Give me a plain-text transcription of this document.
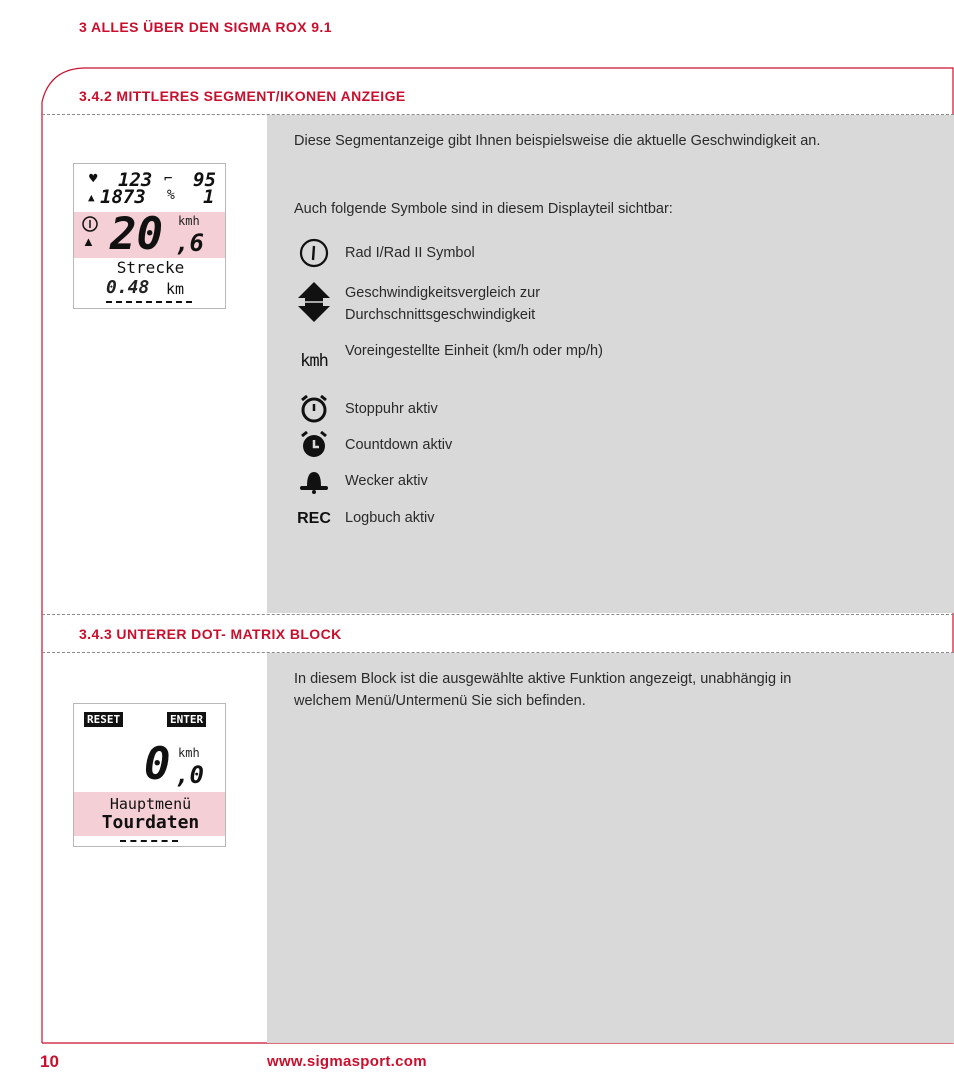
3 ALLES ÜBER DEN SIGMA ROX 9.1
3.4.2 MITTLERES SEGMENT/IKONEN ANZEIGE
♥ 123 ⌐ 95
▲ 1873 % 1
▲ 20 ,6
kmh
Strecke
0.48 km
Diese Segmentanzeige gibt Ihnen beispielsweise die aktuelle Geschwindigkeit an.
Auch folgende Symbole sind in diesem Displayteil sichtbar:
Rad I/Rad II Symbol
Geschwindigkeitsvergleich zur Durchschnittsgeschwindigkeit
kmh Voreingestellte Einheit (km/h oder mp/h)
Stoppuhr aktiv
Countdown aktiv
Wecker aktiv
REC Logbuch aktiv
3.4.3 UNTERER DOT- MATRIX BLOCK
RESET	ENTER
0 ,0
kmh
Hauptmenü
Tourdaten
In diesem Block ist die ausgewählte aktive Funktion angezeigt, unabhängig in welchem Menü/Untermenü Sie sich befinden.
10	www.sigmasport.com
